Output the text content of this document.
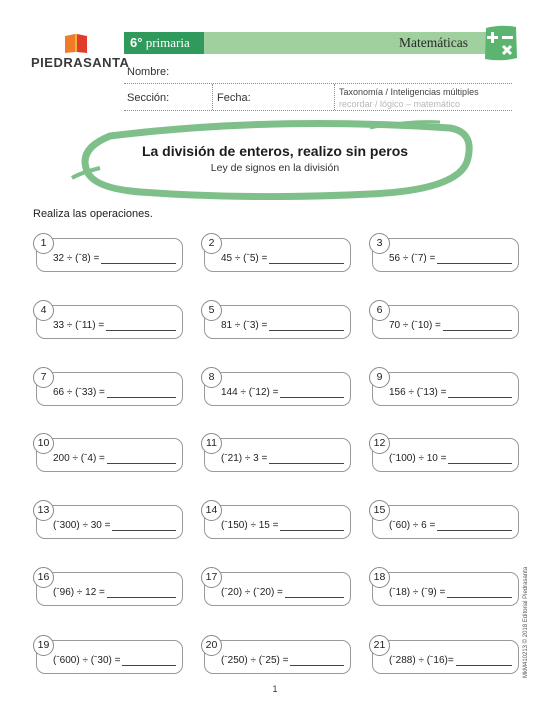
PIEDRASANTA
6° primaria	Matemáticas
Nombre:
Sección:	Fecha:	Taxonomía / Inteligencias múltiples
recordar / lógico – matemático
La división de enteros, realizo sin peros
Ley de signos en la división
Realiza las operaciones.
1
32 ÷ (ˉ8) =
2
45 ÷ (ˉ5) =
3
56 ÷ (ˉ7) =
4
33 ÷ (ˉ11) =
5
81 ÷ (ˉ3) =
6
70 ÷ (ˉ10) =
7
66 ÷ (ˉ33) =
8
144 ÷ (ˉ12) =
9
156 ÷ (ˉ13) =
10
200 ÷ (ˉ4) =
11
(ˉ21) ÷ 3 =
12
(ˉ100) ÷ 10 =
13
(ˉ300) ÷ 30 =
14
(ˉ150) ÷ 15 =
15
(ˉ60) ÷ 6 =
16
(ˉ96) ÷ 12 =
17
(ˉ20) ÷ (ˉ20) =
18
(ˉ18) ÷ (ˉ9) =
19
(ˉ600) ÷ (ˉ30) =
20
(ˉ250) ÷ (ˉ25) =
21
(ˉ288) ÷ (ˉ16)=	MkM410213 © 2018 Editorial Piedrasanta
1
